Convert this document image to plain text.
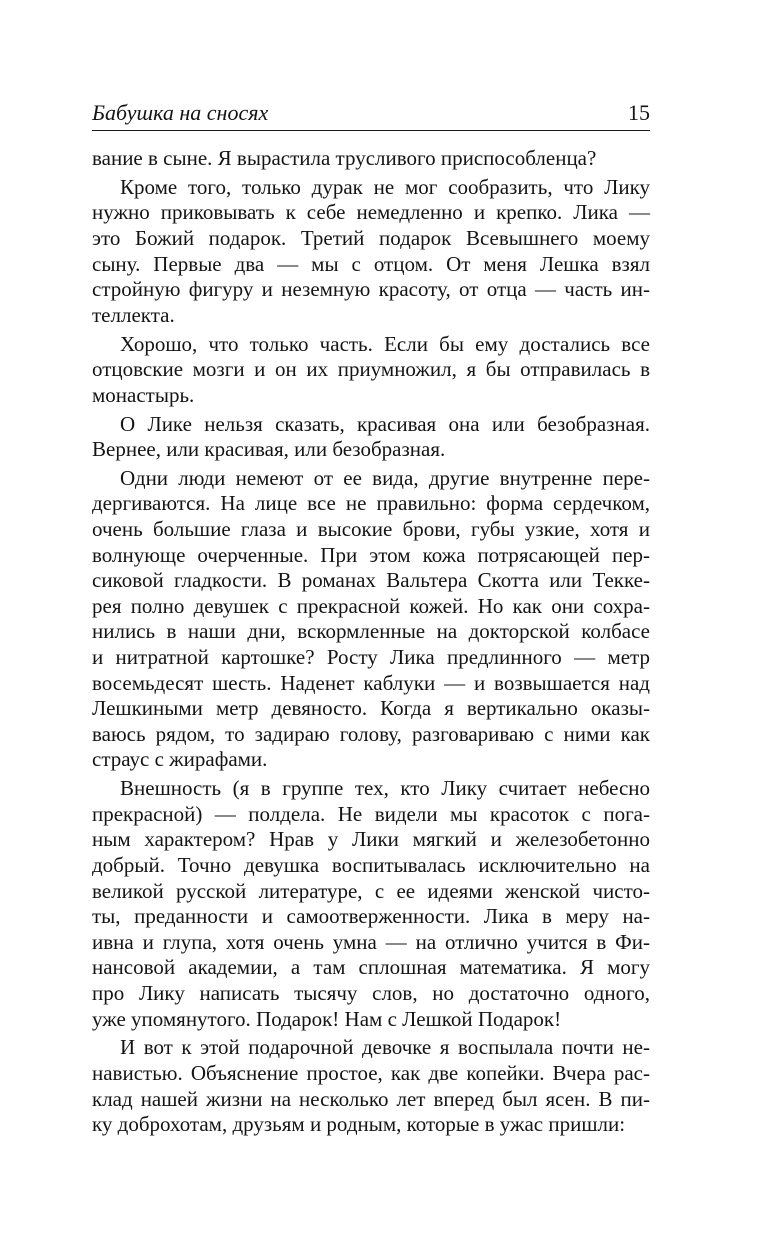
Бабушка на сносях	15
вание в сыне. Я вырастила трусливого приспособленца?
Кроме того, только дурак не мог сообразить, что Лику
нужно приковывать к себе немедленно и крепко. Лика —
это Божий подарок. Третий подарок Всевышнего моему
сыну. Первые два — мы с отцом. От меня Лешка взял
стройную фигуру и неземную красоту, от отца — часть ин-
теллекта.
Хорошо, что только часть. Если бы ему достались все
отцовские мозги и он их приумножил, я бы отправилась в
монастырь.
О Лике нельзя сказать, красивая она или безобразная.
Вернее, или красивая, или безобразная.
Одни люди немеют от ее вида, другие внутренне пере-
дергиваются. На лице все не правильно: форма сердечком,
очень большие глаза и высокие брови, губы узкие, хотя и
волнующе очерченные. При этом кожа потрясающей пер-
сиковой гладкости. В романах Вальтера Скотта или Текке-
рея полно девушек с прекрасной кожей. Но как они сохра-
нились в наши дни, вскормленные на докторской колбасе
и нитратной картошке? Росту Лика предлинного — метр
восемьдесят шесть. Наденет каблуки — и возвышается над
Лешкиными метр девяносто. Когда я вертикально оказы-
ваюсь рядом, то задираю голову, разговариваю с ними как
страус с жирафами.
Внешность (я в группе тех, кто Лику считает небесно
прекрасной) — полдела. Не видели мы красоток с пога-
ным характером? Нрав у Лики мягкий и железобетонно
добрый. Точно девушка воспитывалась исключительно на
великой русской литературе, с ее идеями женской чисто-
ты, преданности и самоотверженности. Лика в меру на-
ивна и глупа, хотя очень умна — на отлично учится в Фи-
нансовой академии, а там сплошная математика. Я могу
про Лику написать тысячу слов, но достаточно одного,
уже упомянутого. Подарок! Нам с Лешкой Подарок!
И вот к этой подарочной девочке я воспылала почти не-
навистью. Объяснение простое, как две копейки. Вчера рас-
клад нашей жизни на несколько лет вперед был ясен. В пи-
ку доброхотам, друзьям и родным, которые в ужас пришли:
